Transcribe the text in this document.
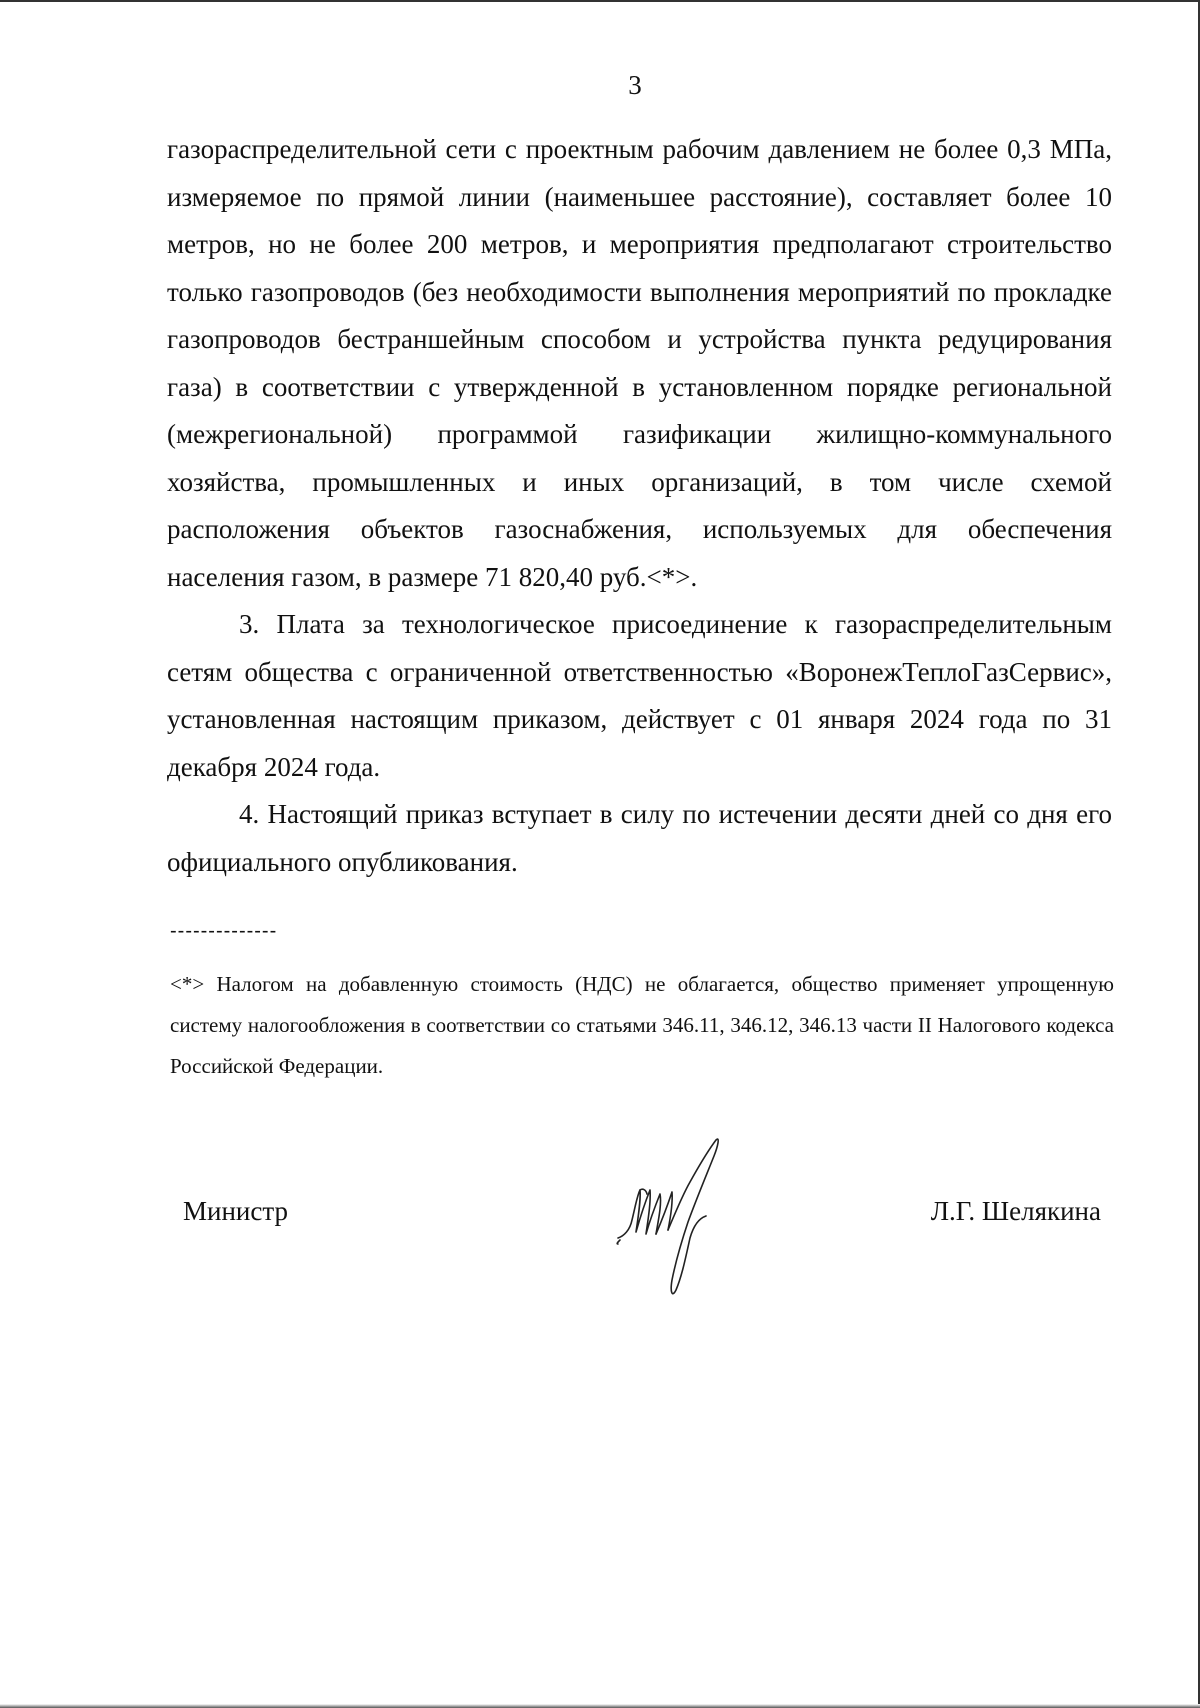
3

газораспределительной сети с проектным рабочим давлением не более 0,3 МПа, измеряемое по прямой линии (наименьшее расстояние), составляет более 10 метров, но не более 200 метров, и мероприятия предполагают строительство только газопроводов (без необходимости выполнения мероприятий по прокладке газопроводов бестраншейным способом и устройства пункта редуцирования газа) в соответствии с утвержденной в установленном порядке региональной (межрегиональной) программой газификации жилищно-коммунального хозяйства, промышленных и иных организаций, в том числе схемой расположения объектов газоснабжения, используемых для обеспечения населения газом, в размере 71 820,40 руб.<*>.

3. Плата за технологическое присоединение к газораспределительным сетям общества с ограниченной ответственностью «ВоронежТеплоГазСервис», установленная настоящим приказом, действует с 01 января 2024 года по 31 декабря 2024 года.

4. Настоящий приказ вступает в силу по истечении десяти дней со дня его официального опубликования.

--------------

<*> Налогом на добавленную стоимость (НДС) не облагается, общество применяет упрощенную систему налогообложения в соответствии со статьями 346.11, 346.12, 346.13 части II Налогового кодекса Российской Федерации.

Министр	Л.Г. Шелякина
